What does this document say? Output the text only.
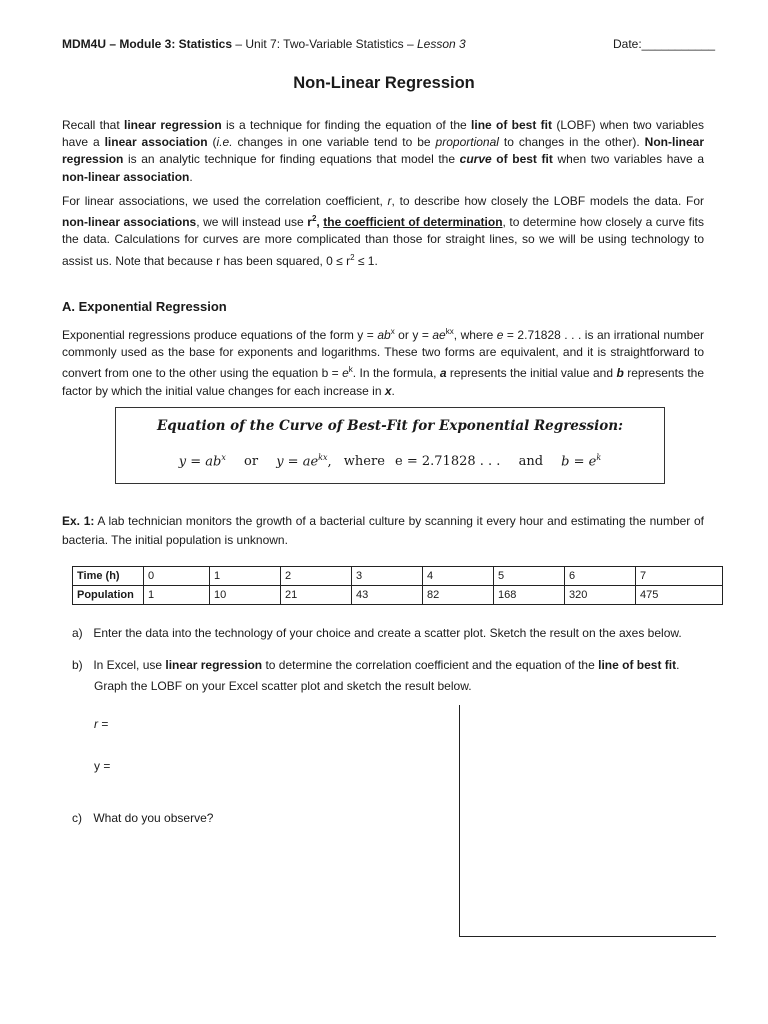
MDM4U – Module 3: Statistics – Unit 7: Two-Variable Statistics – Lesson 3	Date:___________
Non-Linear Regression
Recall that linear regression is a technique for finding the equation of the line of best fit (LOBF) when two variables have a linear association (i.e. changes in one variable tend to be proportional to changes in the other). Non-linear regression is an analytic technique for finding equations that model the curve of best fit when two variables have a non-linear association.
For linear associations, we used the correlation coefficient, r, to describe how closely the LOBF models the data. For non-linear associations, we will instead use $r^2$, the coefficient of determination, to determine how closely a curve fits the data. Calculations for curves are more complicated than those for straight lines, so we will be using technology to assist us. Note that because r has been squared, $0 \le r^2 \le 1$.
A. Exponential Regression
Exponential regressions produce equations of the form $y = ab^x$ or $y = ae^{kx}$, where e = 2.71828 . . . is an irrational number commonly used as the base for exponents and logarithms. These two forms are equivalent, and it is straightforward to convert from one to the other using the equation $b = e^k$. In the formula, a represents the initial value and b represents the factor by which the initial value changes for each increase in x.
Equation of the Curve of Best-Fit for Exponential Regression:
$y = ab^x$ or $y = ae^{kx}$, where e = 2.71828 . . . and $b = e^k$
Ex. 1: A lab technician monitors the growth of a bacterial culture by scanning it every hour and estimating the number of bacteria. The initial population is unknown.
Time (h)	0	1	2	3	4	5	6	7
Population	1	10	21	43	82	168	320	475
a) Enter the data into the technology of your choice and create a scatter plot. Sketch the result on the axes below.
b) In Excel, use linear regression to determine the correlation coefficient and the equation of the line of best fit.
Graph the LOBF on your Excel scatter plot and sketch the result below.
r =
y =
c) What do you observe?
